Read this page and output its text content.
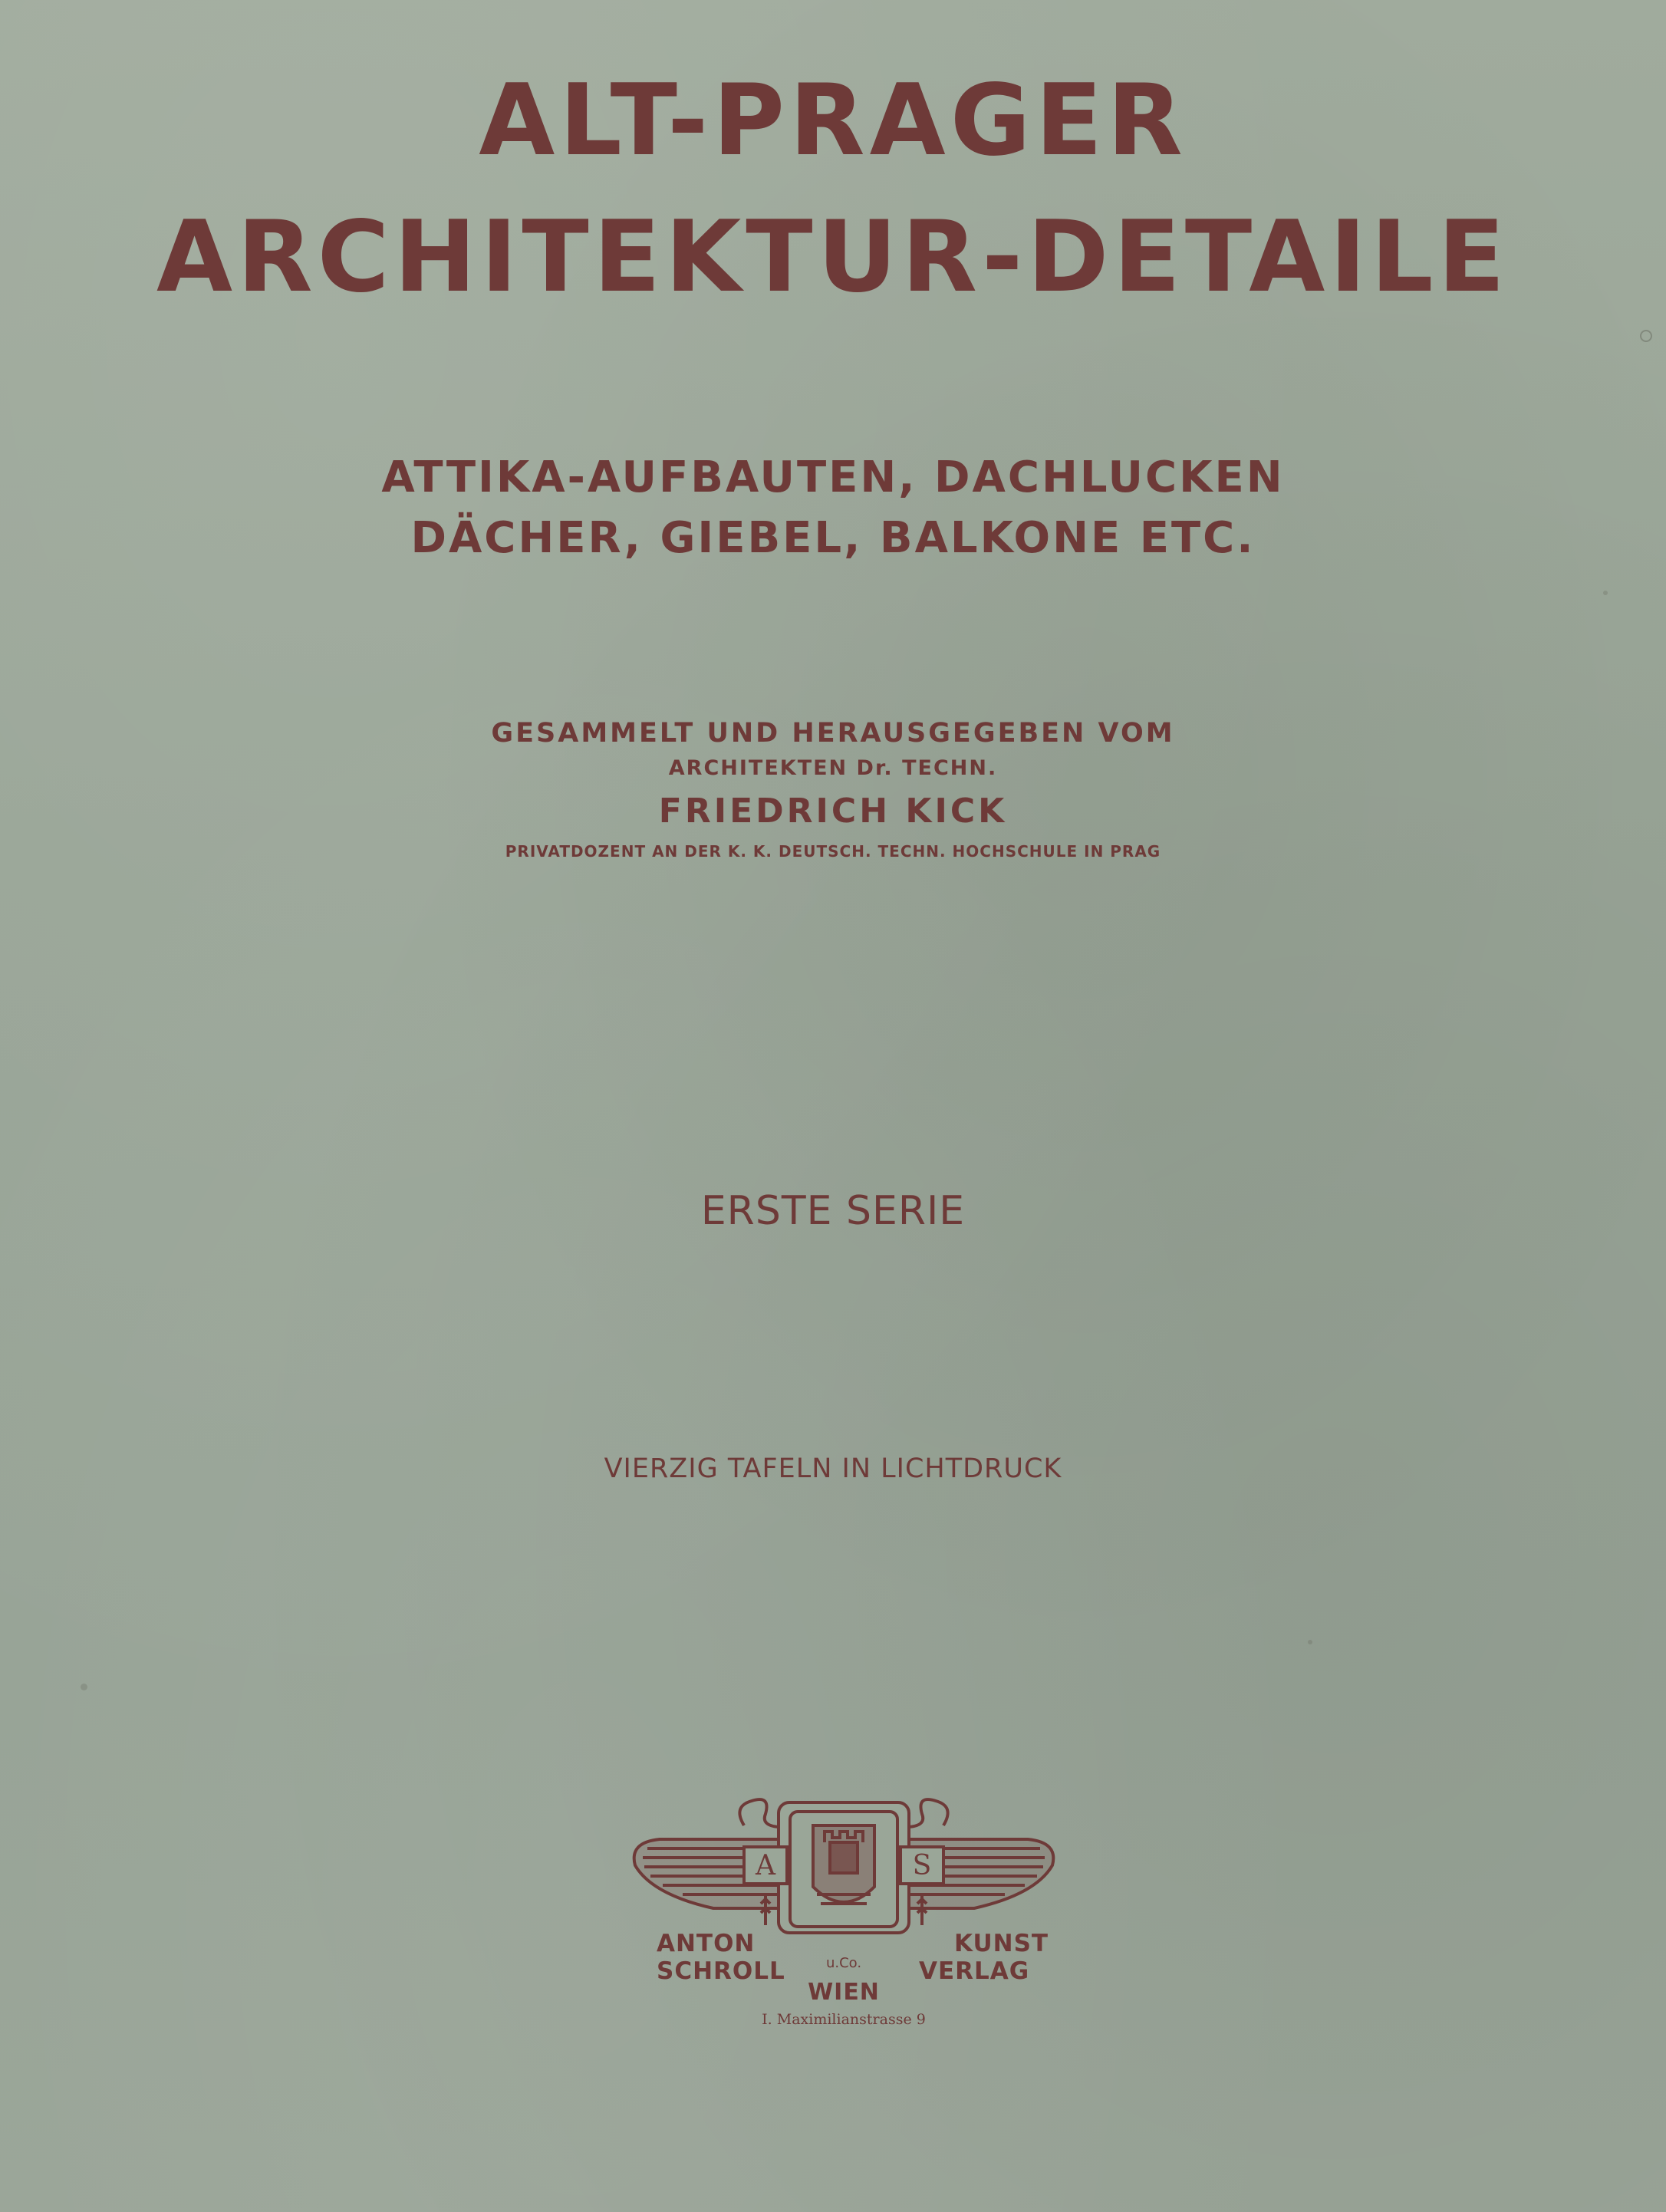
ALT-PRAGER
ARCHITEKTUR-DETAILE
ATTIKA-AUFBAUTEN, DACHLUCKEN
DÄCHER, GIEBEL, BALKONE ETC.

GESAMMELT UND HERAUSGEGEBEN VOM

ARCHITEKTEN Dr. TECHN.

FRIEDRICH KICK

PRIVATDOZENT AN DER K. K. DEUTSCH. TECHN. HOCHSCHULE IN PRAG

ERSTE SERIE

VIERZIG TAFELN IN LICHTDRUCK

A	S
u.Co.

ANTON

SCHROLL

KUNST

VERLAG

WIEN

I. Maximilianstrasse 9
